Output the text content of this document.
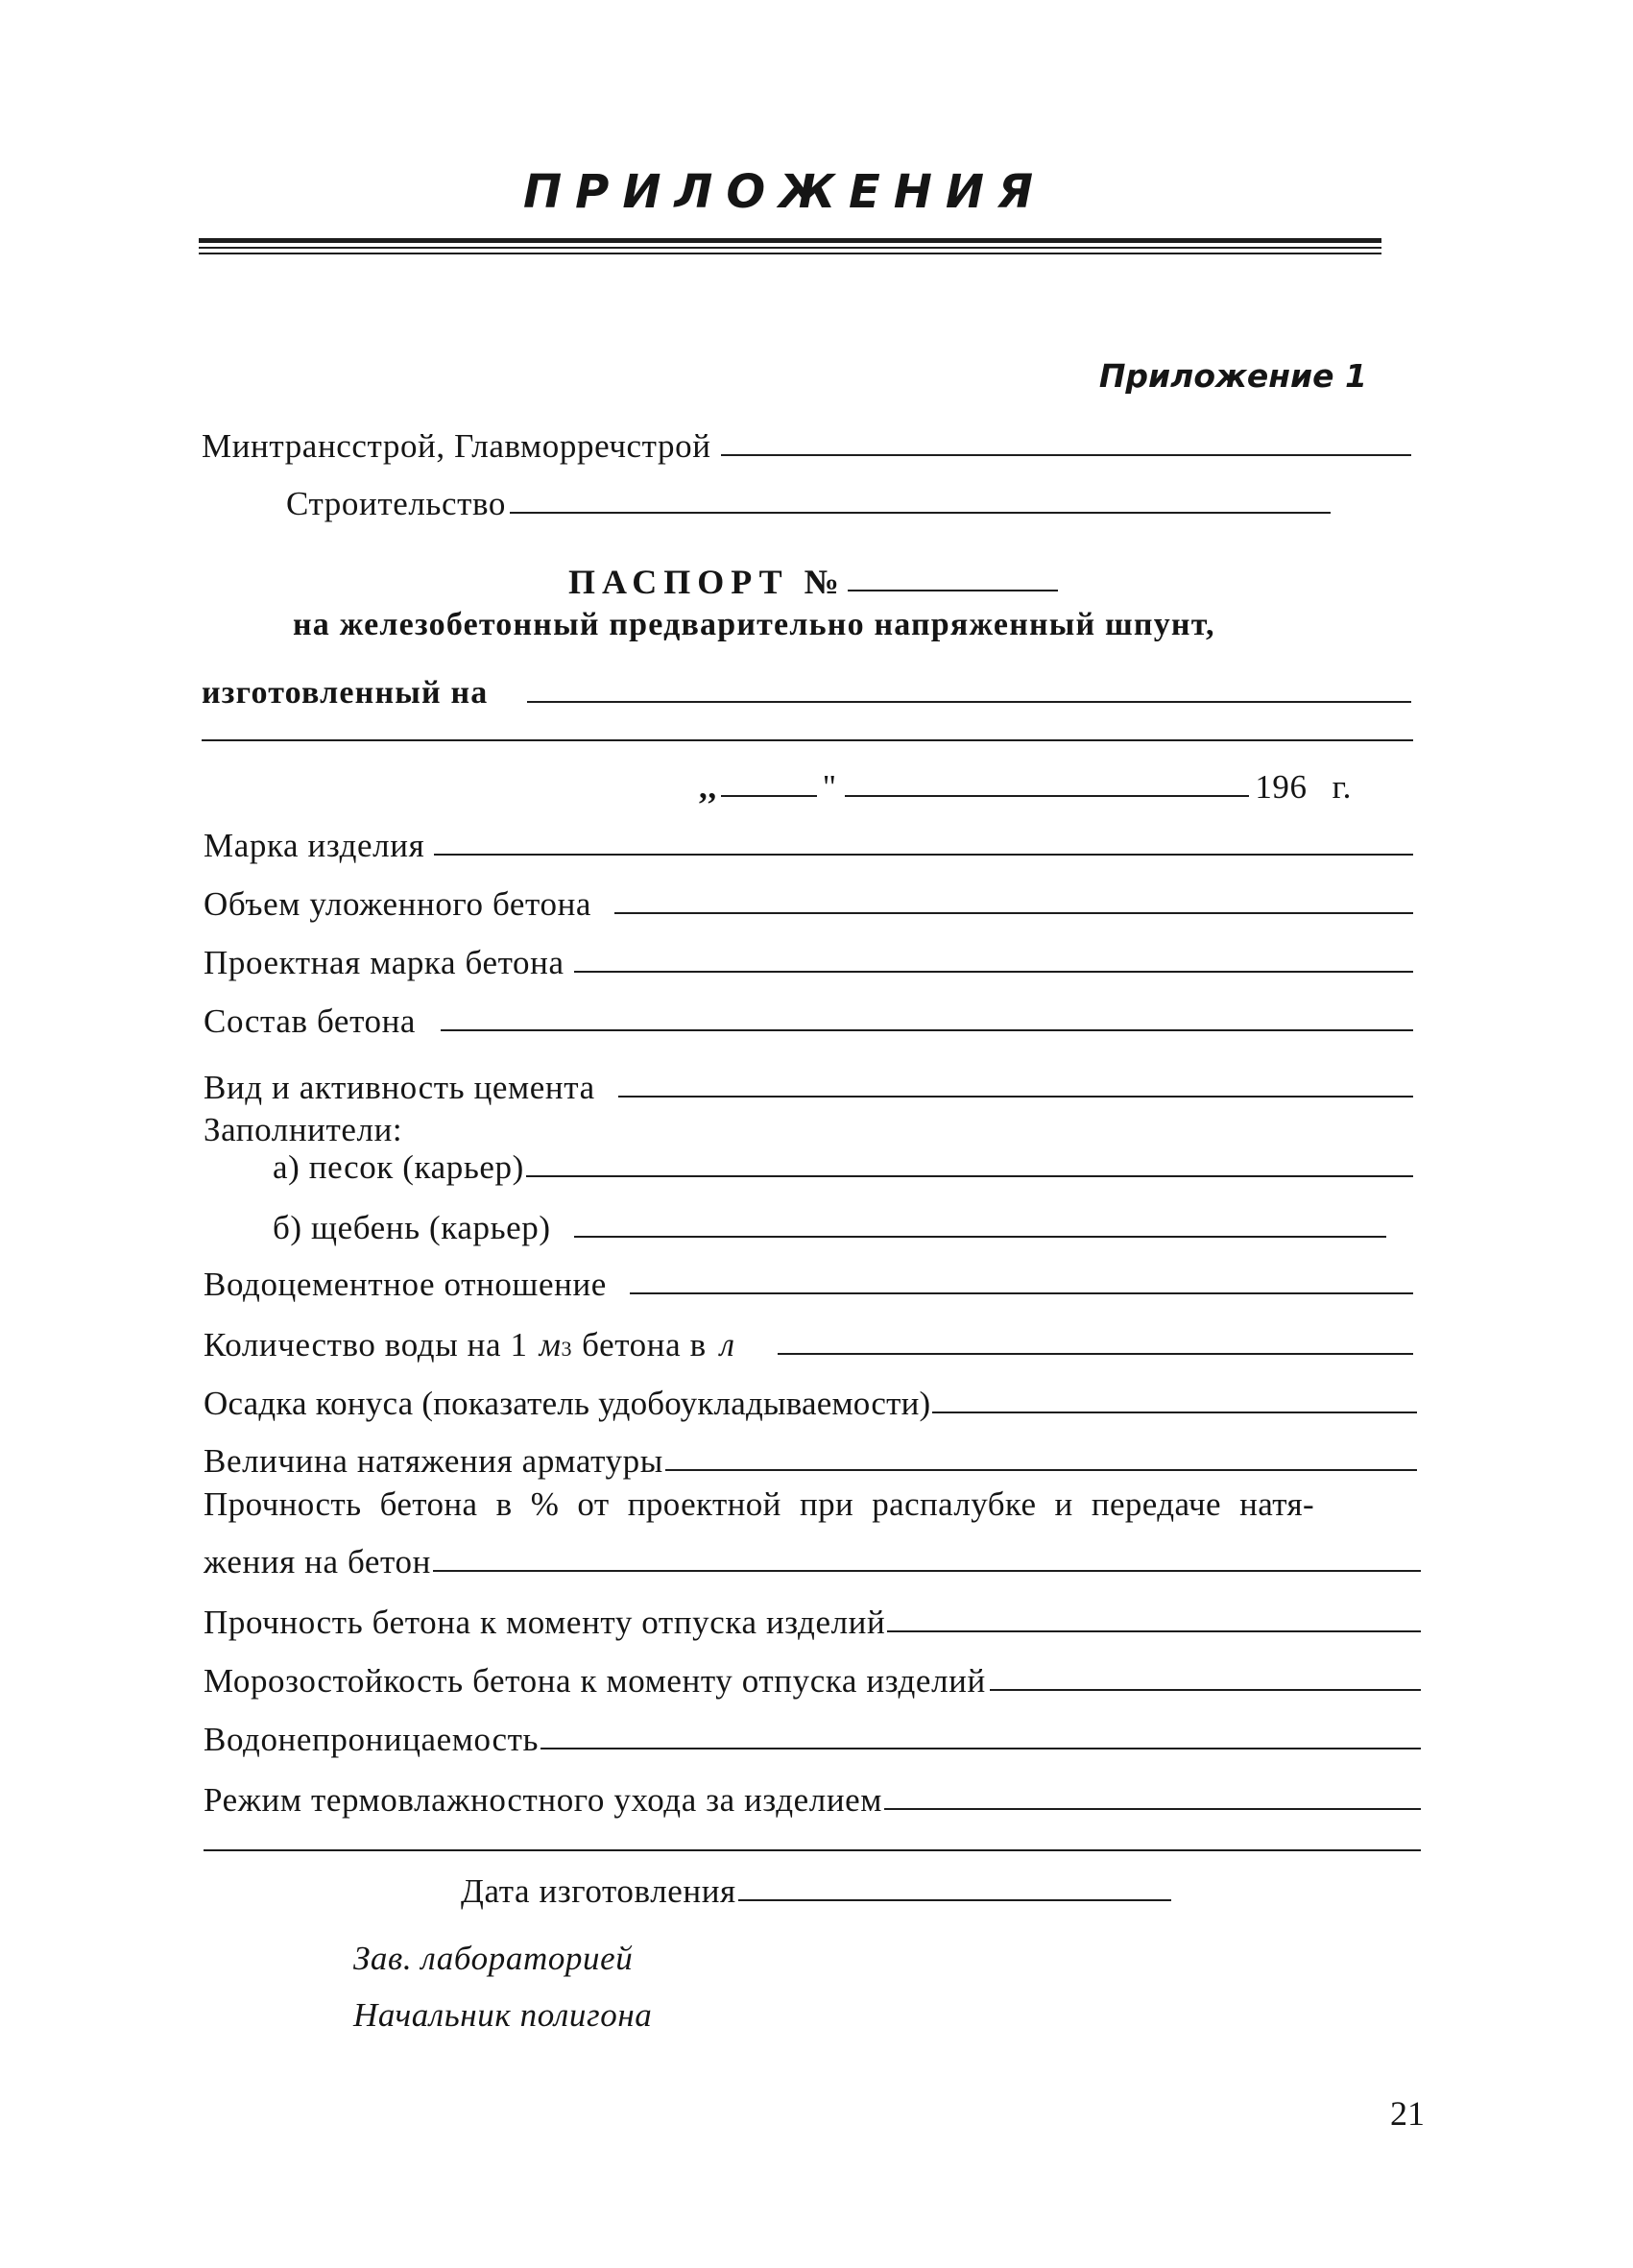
ПРИЛОЖЕНИЯ
Приложение 1
Минтрансстрой, Главморречстрой
Строительство
ПАСПОРТ №
на железобетонный предварительно напряженный шпунт,
изготовленный на
,,	"	196 г.
Марка изделия
Объем уложенного бетона
Проектная марка бетона
Состав бетона
Вид и активность цемента
Заполнители:
а) песок (карьер)
б) щебень (карьер)
Водоцементное отношение
Количество воды на 1 м 3 бетона в л
Осадка конуса (показатель удобоукладываемости)
Величина натяжения арматуры
Прочность бетона в % от проектной при распалубке и передаче натя-
жения на бетон
Прочность бетона к моменту отпуска изделий
Морозостойкость бетона к моменту отпуска изделий
Водонепроницаемость
Режим термовлажностного ухода за изделием
Дата изготовления
Зав. лабораторией
Начальник полигона
21
